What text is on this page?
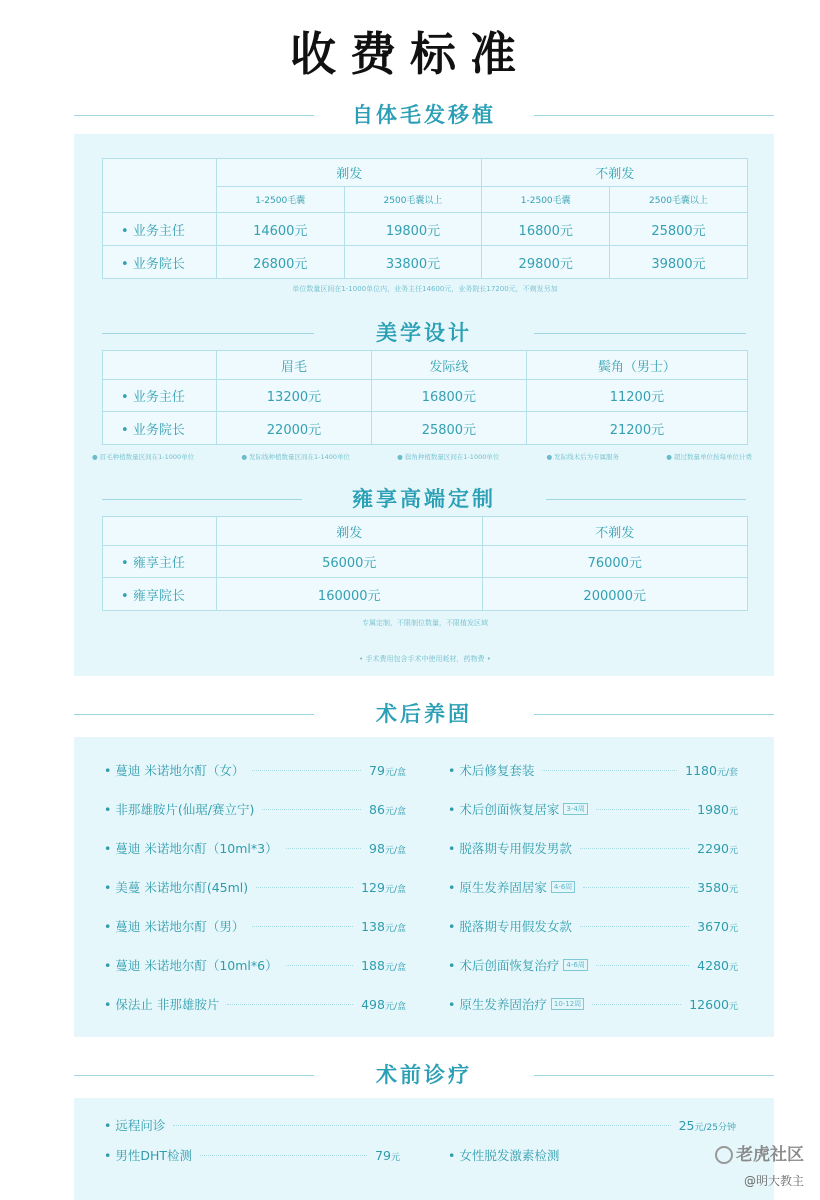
收费标准
自体毛发移植
	剃发		不剃发	
	1-2500毛囊	2500毛囊以上	1-2500毛囊	2500毛囊以上
• 业务主任	14600元	19800元	16800元	25800元
• 业务院长	26800元	33800元	29800元	39800元
单位数量区间在1-1000单位内，业务主任14600元，业务院长17200元，不剃发另加
美学设计
	眉毛	发际线	鬓角（男士）
• 业务主任	13200元	16800元	11200元
• 业务院长	22000元	25800元	21200元
● 眉毛种植数量区间在1-1000单位	● 发际线种植数量区间在1-1400单位	● 鬓角种植数量区间在1-1000单位	● 发际线术后为专属服务	● 超过数量单位按每单位计费
雍享高端定制
	剃发	不剃发
• 雍享主任	56000元	76000元
• 雍享院长	160000元	200000元
专属定制，不限制位数量，不限植发区域
• 手术费用包含手术中使用耗材，药物费 •
术后养固
• 蔓迪 米诺地尔酊（女）	79元/盒
• 非那雄胺片(仙琚/赛立宁)	86元/盒
• 蔓迪 米诺地尔酊（10ml*3）	98元/盒
• 美蔓 米诺地尔酊(45ml)	129元/盒
• 蔓迪 米诺地尔酊（男）	138元/盒
• 蔓迪 米诺地尔酊（10ml*6）	188元/盒
• 保法止 非那雄胺片	498元/盒
• 术后修复套装	1180元/套
• 术后创面恢复居家	3-4周	1980元
• 脱落期专用假发男款	2290元
• 原生发养固居家	4-6周	3580元
• 脱落期专用假发女款	3670元
• 术后创面恢复治疗	4-6周	4280元
• 原生发养固治疗	10-12周	12600元
术前诊疗
• 远程问诊	25元/25分钟
• 男性DHT检测	79元	• 女性脱发激素检测	老虎社区
@明大教主
